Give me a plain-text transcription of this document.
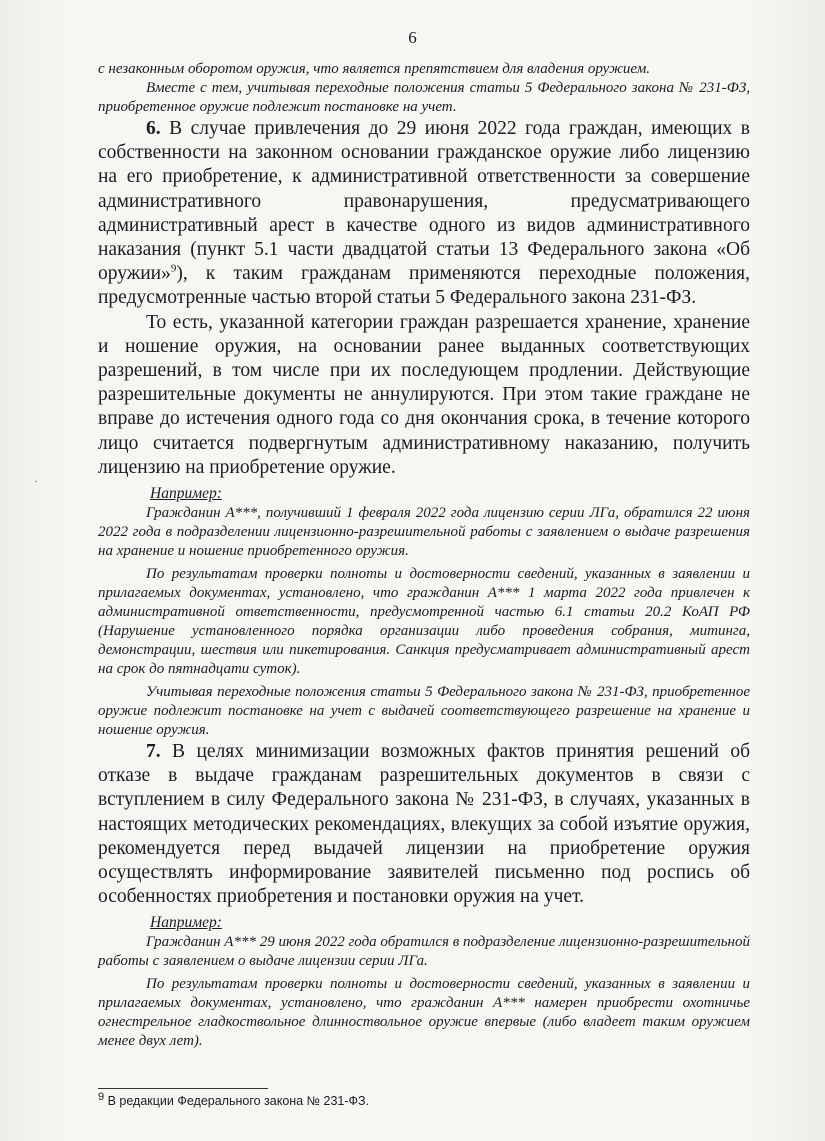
6

с незаконным оборотом оружия, что является препятствием для владения оружием.

Вместе с тем, учитывая переходные положения статьи 5 Федерального закона № 231-ФЗ, приобретенное оружие подлежит постановке на учет.

6. В случае привлечения до 29 июня 2022 года граждан, имеющих в собственности на законном основании гражданское оружие либо лицензию на его приобретение, к административной ответственности за совершение административного правонарушения, предусматривающего административный арест в качестве одного из видов административного наказания (пункт 5.1 части двадцатой статьи 13 Федерального закона «Об оружии»$^9$), к таким гражданам применяются переходные положения, предусмотренные частью второй статьи 5 Федерального закона 231-ФЗ.

То есть, указанной категории граждан разрешается хранение, хранение и ношение оружия, на основании ранее выданных соответствующих разрешений, в том числе при их последующем продлении. Действующие разрешительные документы не аннулируются. При этом такие граждане не вправе до истечения одного года со дня окончания срока, в течение которого лицо считается подвергнутым административному наказанию, получить лицензию на приобретение оружие.

Например:

Гражданин А***, получивший 1 февраля 2022 года лицензию серии ЛГа, обратился 22 июня 2022 года в подразделении лицензионно-разрешительной работы с заявлением о выдаче разрешения на хранение и ношение приобретенного оружия.

По результатам проверки полноты и достоверности сведений, указанных в заявлении и прилагаемых документах, установлено, что гражданин А*** 1 марта 2022 года привлечен к административной ответственности, предусмотренной частью 6.1 статьи 20.2 КоАП РФ (Нарушение установленного порядка организации либо проведения собрания, митинга, демонстрации, шествия или пикетирования. Санкция предусматривает административный арест на срок до пятнадцати суток).

Учитывая переходные положения статьи 5 Федерального закона № 231-ФЗ, приобретенное оружие подлежит постановке на учет с выдачей соответствующего разрешение на хранение и ношение оружия.

7. В целях минимизации возможных фактов принятия решений об отказе в выдаче гражданам разрешительных документов в связи с вступлением в силу Федерального закона № 231-ФЗ, в случаях, указанных в настоящих методических рекомендациях, влекущих за собой изъятие оружия, рекомендуется перед выдачей лицензии на приобретение оружия осуществлять информирование заявителей письменно под роспись об особенностях приобретения и постановки оружия на учет.

Например:

Гражданин А*** 29 июня 2022 года обратился в подразделение лицензионно-разрешительной работы с заявлением о выдаче лицензии серии ЛГа.

По результатам проверки полноты и достоверности сведений, указанных в заявлении и прилагаемых документах, установлено, что гражданин А*** намерен приобрести охотничье огнестрельное гладкоствольное длинноствольное оружие впервые (либо владеет таким оружием менее двух лет).

·
$^9$ В редакции Федерального закона № 231-ФЗ.
